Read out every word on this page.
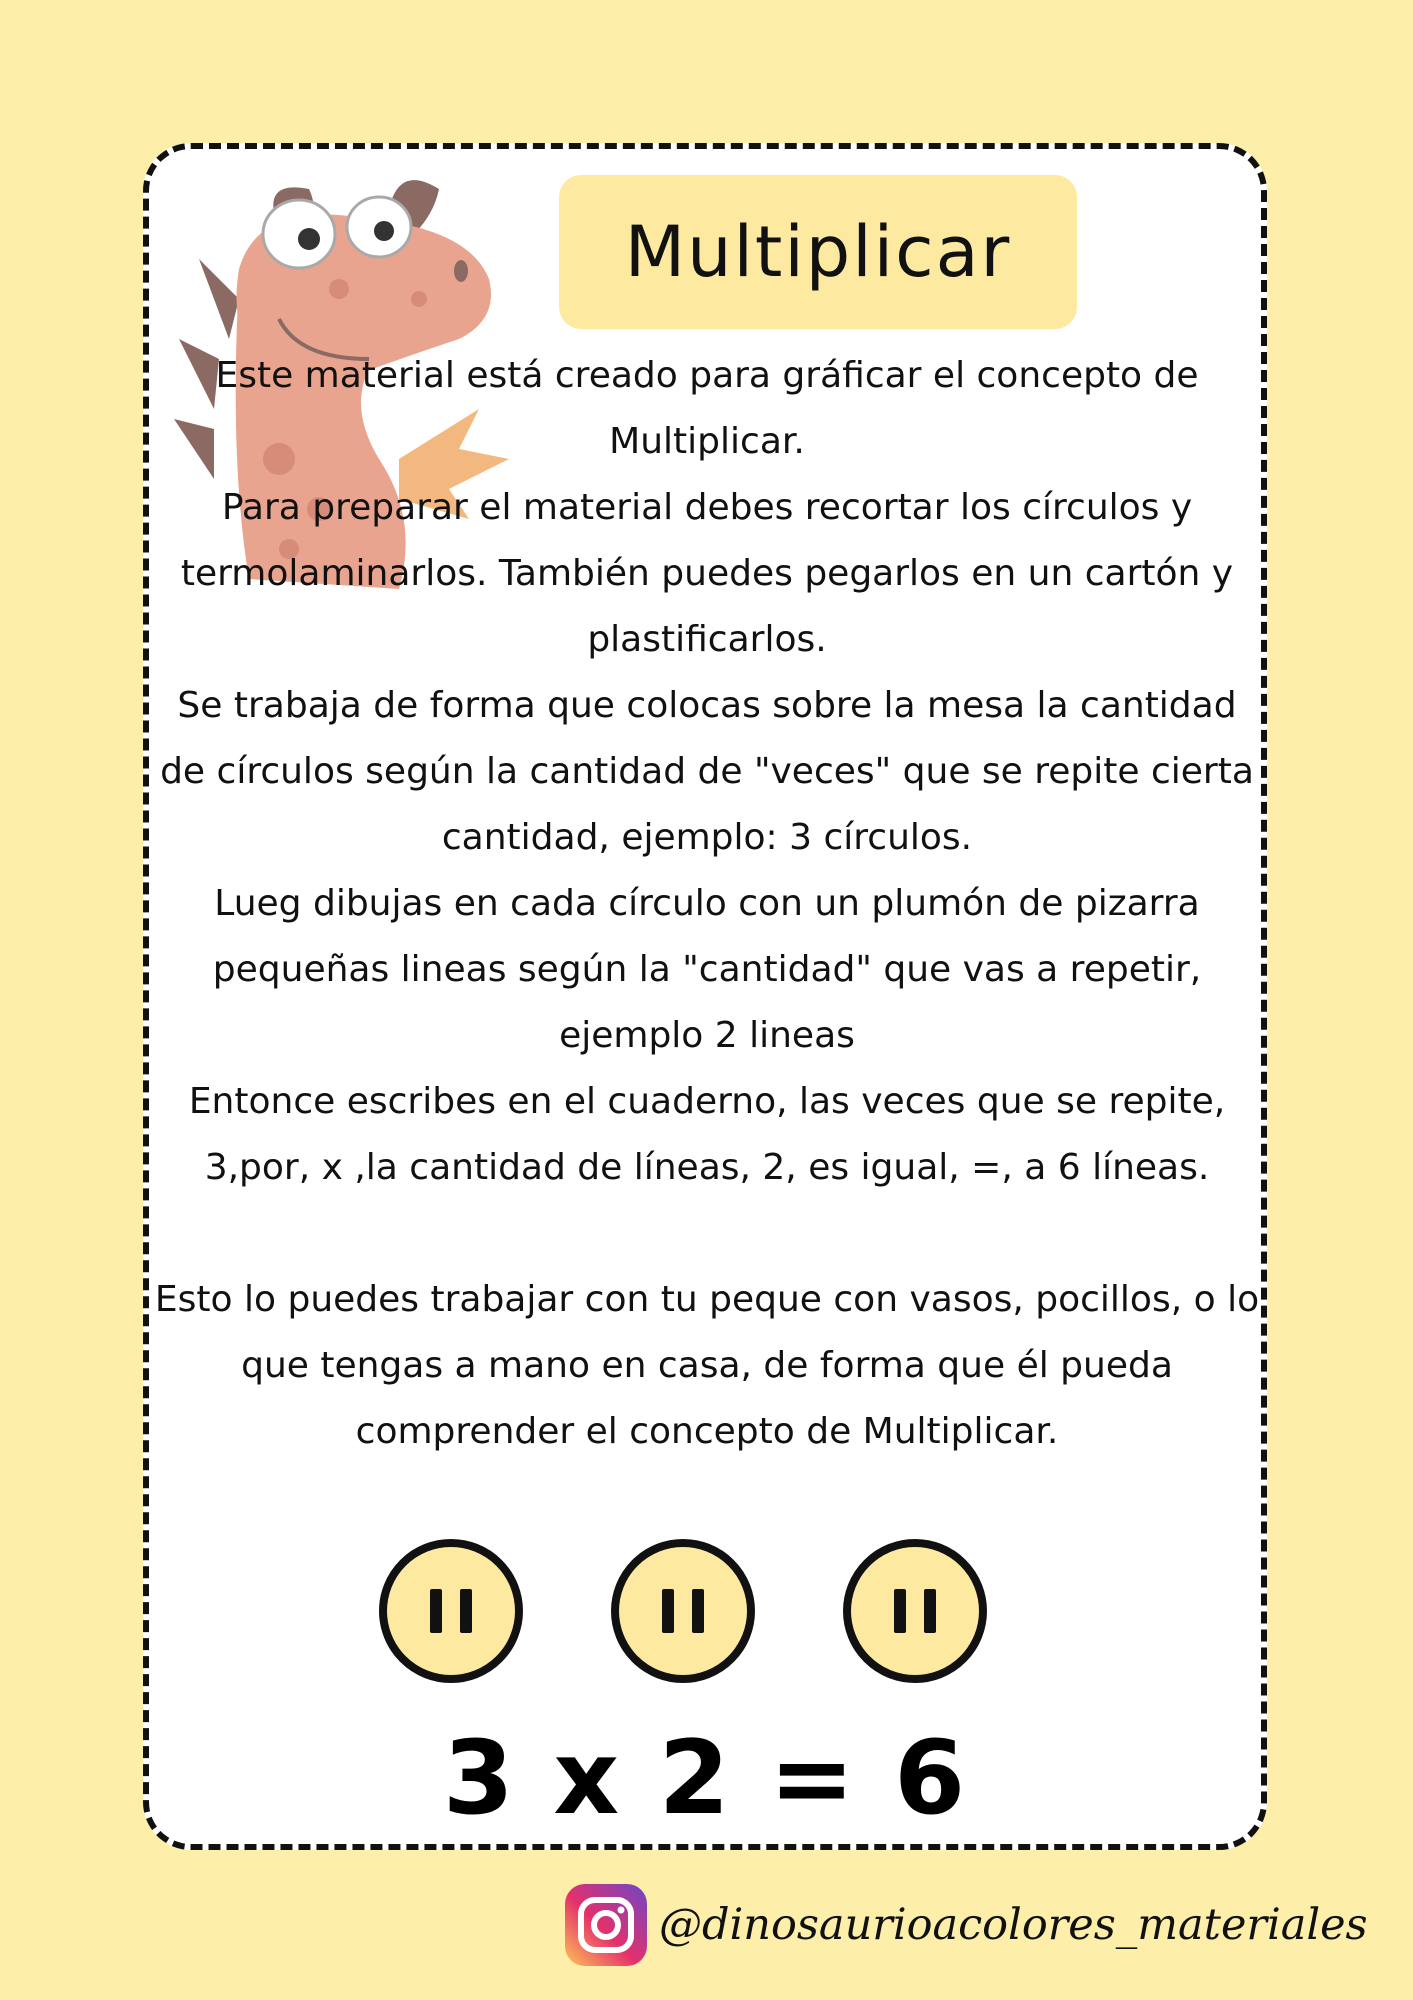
Multiplicar

Este material está creado para gráficar el concepto de Multiplicar.

Para preparar el material debes recortar los círculos y termolaminarlos. También puedes pegarlos en un cartón y plastificarlos.

Se trabaja de forma que colocas sobre la mesa la cantidad de círculos según la cantidad de "veces" que se repite cierta cantidad, ejemplo: 3 círculos.

Lueg dibujas en cada círculo con un plumón de pizarra pequeñas lineas según la "cantidad" que vas a repetir, ejemplo 2 lineas

Entonce escribes en el cuaderno, las veces que se repite, 3,por, x ,la cantidad de líneas, 2, es igual, =, a 6 líneas.

Esto lo puedes trabajar con tu peque con vasos, pocillos, o lo que tengas a mano en casa, de forma que él pueda comprender el concepto de Multiplicar.

3 x 2 = 6
@dinosaurioacolores_materiales
